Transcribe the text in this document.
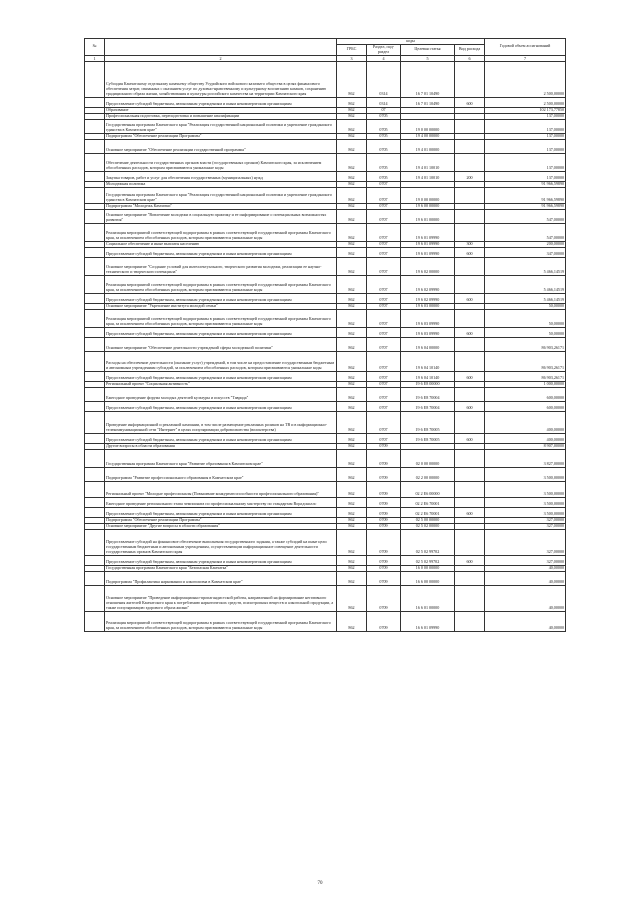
№		коды				Годовой объем ассигнований
		ГРБС	Раздел, под-раздел	Целевая статья	Вид расхода	
1	2	3	4	5	6	7
	Субсидия Камчатскому отдельному казачьему обществу Усурийского войскового казачьего общества в целях финансового обеспечения затрат, связанных с оказанием услуг по духовно-нравственному и культурному воспитанию казаков, сохранению традиционного образа жизни, хозяйствования и культуры российского казачества на территории Камчатского края	862	0314	16 7 01 10490		2 500,00000
	Предоставление субсидий бюджетным, автономным учреждениям и иным некоммерческим организациям	862	0314	16 7 01 10490	600	2 500,00000
	Образование	862	07			102 173,77850
	Профессиональная подготовка, переподготовка и повышение квалификации	862	0705			137,00000
	Государственная программа Камчатского края "Реализация государственной национальной политики и укрепление гражданского единства в Камчатском крае"	862	0705	19 0 00 00000		137,00000
	Подпрограмма "Обеспечение реализации Программы"	862	0705	19 4 00 00000		137,00000
	Основное мероприятие "Обеспечение реализации государственной программы"	862	0705	19 4 01 00000		137,00000
	Обеспечение деятельности государственных органов власти (государственных органов) Камчатского края, за исключением обособленных расходов, которым присваиваются уникальные коды	862	0705	19 4 01 10010		137,00000
	Закупка товаров, работ и услуг для обеспечения государственных (муниципальных) нужд	862	0705	19 4 01 10010	200	137,00000
	Молодежная политика	862	0707			91 966,59890
	Государственная программа Камчатского края "Реализация государственной национальной политики и укрепление гражданского единства в Камчатском крае"	862	0707	19 0 00 00000		91 966,59890
	Подпрограмма "Молодежь Камчатки"	862	0707	19 6 00 00000		91 966,59890
	Основное мероприятие "Вовлечение молодежи в социальную практику и ее информирование о потенциальных возможностях развития"	862	0707	19 6 01 00000		547,00000
	Реализация мероприятий соответствующей подпрограммы в рамках соответствующей государственной программы Камчатского края, за исключением обособленных расходов, которым присваиваются уникальные коды	862	0707	19 6 01 09990		547,00000
	Социальное обеспечение и иные выплаты населению	862	0707	19 6 01 09990	300	200,00000
	Предоставление субсидий бюджетным, автономным учреждениям и иным некоммерческим организациям	862	0707	19 6 01 09990	600	347,00000
	Основное мероприятие "Создание условий для интеллектуального, творческого развития молодежи, реализации ее научно-технического и творческого потенциала"	862	0707	19 6 02 00000		5 466,14519
	Реализация мероприятий соответствующей подпрограммы в рамках соответствующей государственной программы Камчатского края, за исключением обособленных расходов, которым присваиваются уникальные коды	862	0707	19 6 02 09990		5 466,14519
	Предоставление субсидий бюджетным, автономным учреждениям и иным некоммерческим организациям	862	0707	19 6 02 09990	600	5 466,14519
	Основное мероприятие "Укрепление института молодой семьи"	862	0707	19 6 03 00000		50,00000
	Реализация мероприятий соответствующей подпрограммы в рамках соответствующей государственной программы Камчатского края, за исключением обособленных расходов, которым присваиваются уникальные коды	862	0707	19 6 03 09990		50,00000
	Предоставление субсидий бюджетным, автономным учреждениям и иным некоммерческим организациям	862	0707	19 6 03 09990	600	50,00000
	Основное мероприятие "Обеспечение деятельности учреждений сферы молодежной политики"	862	0707	19 6 04 00000		86 903,26171
	Расходы на обеспечение деятельности (оказание услуг) учреждений, в том числе на предоставление государственным бюджетным и автономным учреждениям субсидий, за исключением обособленных расходов, которым присваиваются уникальные коды	862	0707	19 6 04 10140		86 903,26171
	Предоставление субсидий бюджетным, автономным учреждениям и иным некоммерческим организациям	862	0707	19 6 04 10140	600	86 903,26171
	Региональный проект "Социальная активность"	862	0707	19 6 E8 00000		1 000,00000
	Ежегодное проведение форума молодых деятелей культуры и искусств "Таврида"	862	0707	19 6 E8 70004		600,00000
	Предоставление субсидий бюджетным, автономным учреждениям и иным некоммерческим организациям	862	0707	19 6 E8 70004	600	600,00000
	Проведение информационной и рекламной кампании, в том числе размещение рекламных роликов на ТВ и в информационно-телекоммуникационной сети "Интернет" в целях популяризации добровольчества (волонтерства)	862	0707	19 6 E8 70005		400,00000
	Предоставление субсидий бюджетным, автономным учреждениям и иным некоммерческим организациям	862	0707	19 6 E8 70005	600	400,00000
	Другие вопросы в области образования	862	0709			8 907,00000
	Государственная программа Камчатского края "Развитие образования в Камчатском крае"	862	0709	02 0 00 00000		3 827,00000
	Подпрограмма "Развитие профессионального образования в Камчатском крае"	862	0709	02 2 00 00000		3 500,00000
	Региональный проект "Молодые профессионалы (Повышение конкурентоспособности профессионального образования)"	862	0709	02 2 E6 00000		3 500,00000
	Ежегодное проведение регионального этапа чемпионата по профессиональному мастерству по стандартам Ворлдскиллс	862	0709	02 2 E6 70001		3 500,00000
	Предоставление субсидий бюджетным, автономным учреждениям и иным некоммерческим организациям	862	0709	02 2 E6 70001	600	3 500,00000
	Подпрограмма "Обеспечение реализации Программы"	862	0709	02 5 00 00000		327,00000
	Основное мероприятие "Другие вопросы в области образования"	862	0709	02 5 02 00000		327,00000
	Предоставление субсидий на финансовое обеспечение выполнения государственного задания, а также субсидий на иные цели государственным бюджетным и автономным учреждениям, осуществляющим информационное освещение деятельности государственных органов Камчатского края	862	0709	02 5 02 99702		327,00000
	Предоставление субсидий бюджетным, автономным учреждениям и иным некоммерческим организациям	862	0709	02 5 02 99702	600	327,00000
	Государственная программа Камчатского края "Безопасная Камчатка"	862	0709	16 0 00 00000		40,00000
	Подпрограмма "Профилактика наркомании и алкоголизма в Камчатском крае"	862	0709	16 6 00 00000		40,00000
	Основное мероприятие "Проведение информационно-пропагандистской работы, направленной на формирование негативного отношения жителей Камчатского края к потреблению наркотических средств, психотропных веществ и алкогольной продукции, а также популяризацию здорового образа жизни"	862	0709	16 6 01 00000		40,00000
	Реализация мероприятий соответствующей подпрограммы в рамках соответствующей государственной программы Камчатского края, за исключением обособленных расходов, которым присваиваются уникальные коды	862	0709	16 6 01 09990		40,00000
70
